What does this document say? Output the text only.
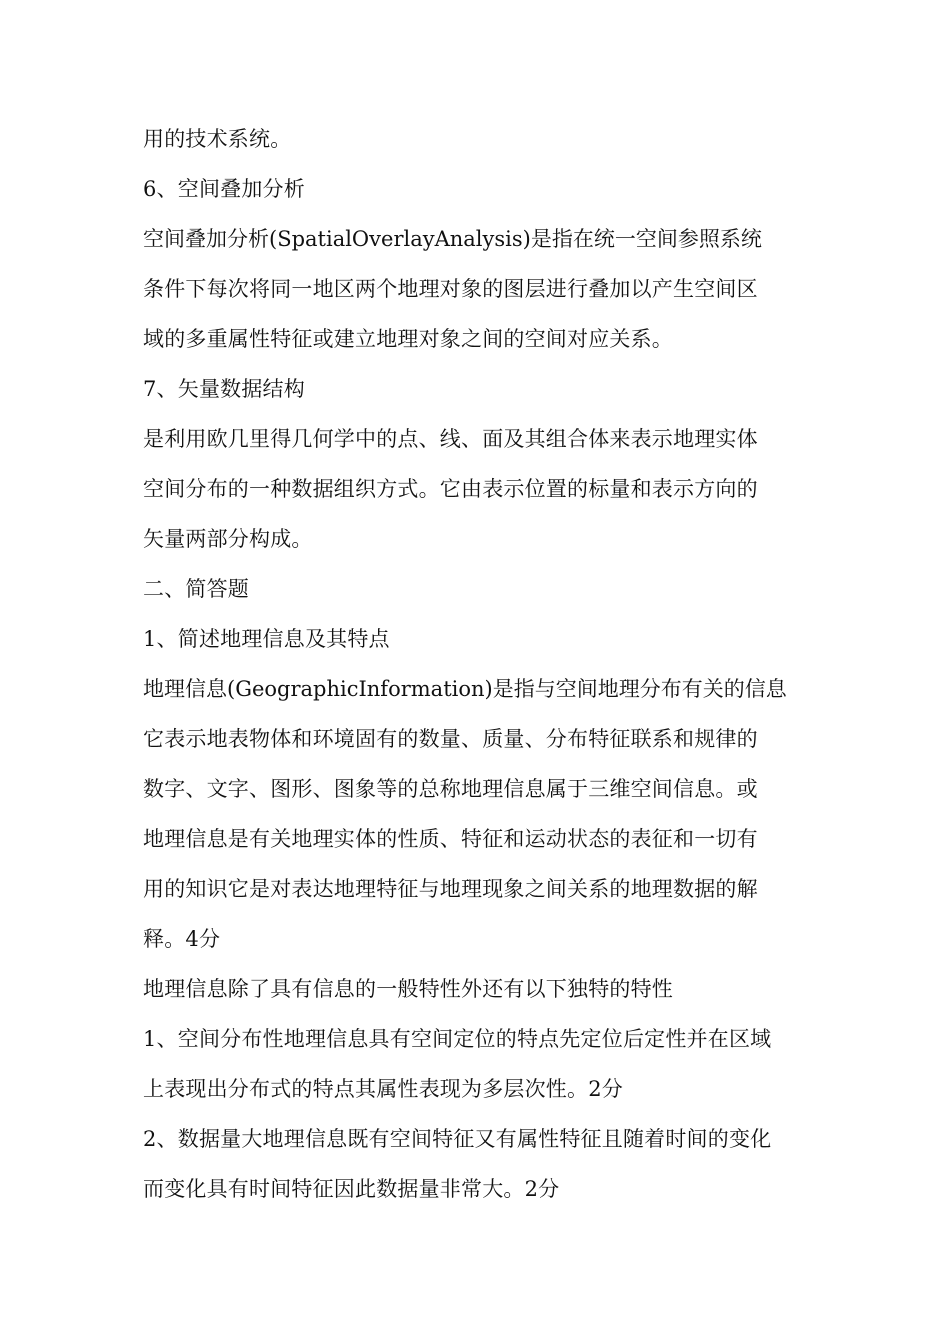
用的技术系统。
6、空间叠加分析
空间叠加分析(SpatialOverlayAnalysis)是指在统一空间参照系统
条件下每次将同一地区两个地理对象的图层进行叠加以产生空间区
域的多重属性特征或建立地理对象之间的空间对应关系。
7、矢量数据结构
是利用欧几里得几何学中的点、线、面及其组合体来表示地理实体
空间分布的一种数据组织方式。它由表示位置的标量和表示方向的
矢量两部分构成。
二、简答题
1、简述地理信息及其特点
地理信息(GeographicInformation)是指与空间地理分布有关的信息
它表示地表物体和环境固有的数量、质量、分布特征联系和规律的
数字、文字、图形、图象等的总称地理信息属于三维空间信息。或
地理信息是有关地理实体的性质、特征和运动状态的表征和一切有
用的知识它是对表达地理特征与地理现象之间关系的地理数据的解
释。4分
地理信息除了具有信息的一般特性外还有以下独特的特性
1、空间分布性地理信息具有空间定位的特点先定位后定性并在区域
上表现出分布式的特点其属性表现为多层次性。2分
2、数据量大地理信息既有空间特征又有属性特征且随着时间的变化
而变化具有时间特征因此数据量非常大。2分
